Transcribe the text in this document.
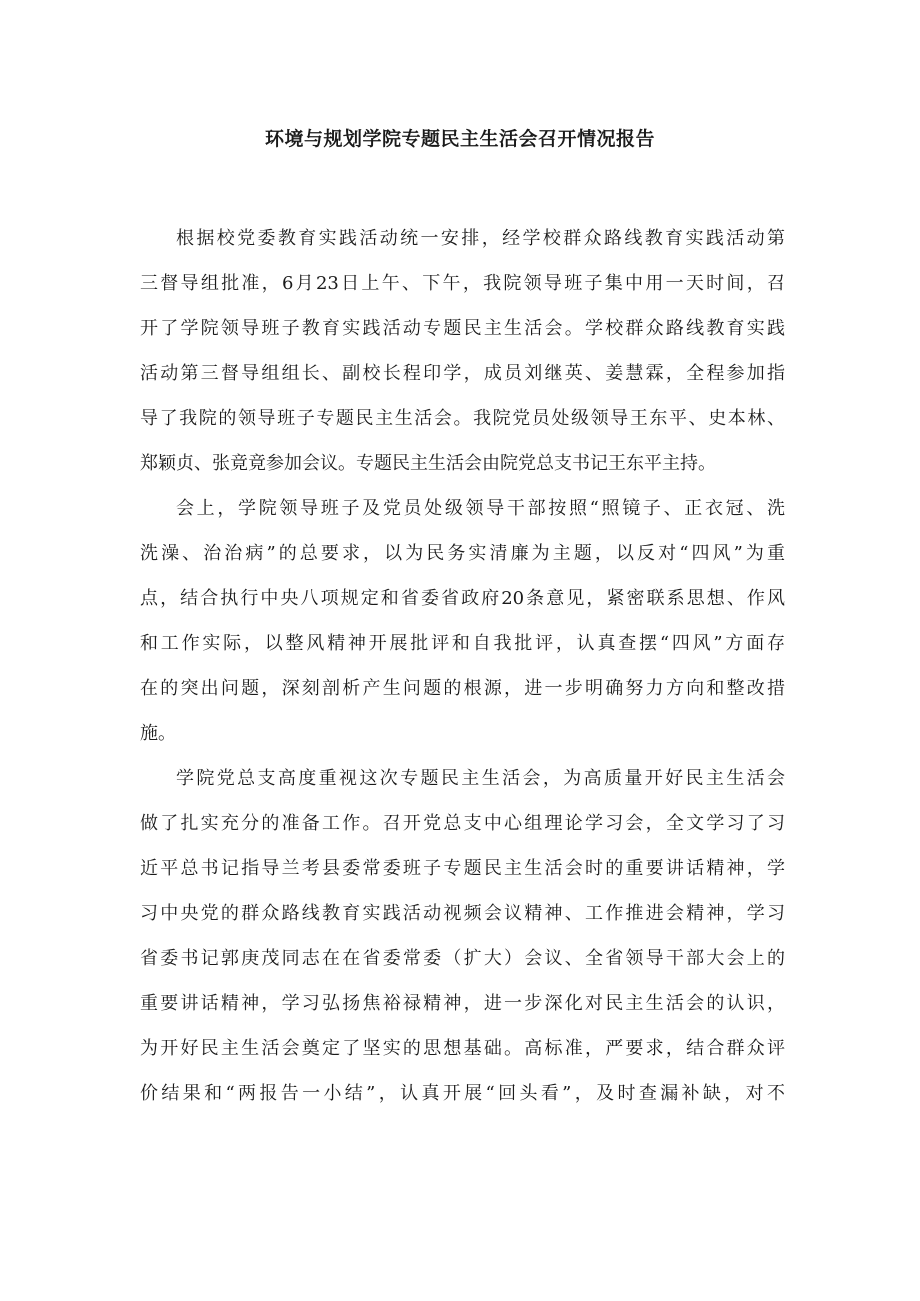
环境与规划学院专题民主生活会召开情况报告
根据校党委教育实践活动统一安排，经学校群众路线教育实践活动第
三督导组批准，6月23日上午、下午，我院领导班子集中用一天时间，召
开了学院领导班子教育实践活动专题民主生活会。学校群众路线教育实践
活动第三督导组组长、副校长程印学，成员刘继英、姜慧霖，全程参加指
导了我院的领导班子专题民主生活会。我院党员处级领导王东平、史本林、
郑颖贞、张竟竟参加会议。专题民主生活会由院党总支书记王东平主持。
会上，学院领导班子及党员处级领导干部按照“照镜子、正衣冠、洗
洗澡、治治病”的总要求，以为民务实清廉为主题，以反对“四风”为重
点，结合执行中央八项规定和省委省政府20条意见，紧密联系思想、作风
和工作实际，以整风精神开展批评和自我批评，认真查摆“四风”方面存
在的突出问题，深刻剖析产生问题的根源，进一步明确努力方向和整改措
施。
学院党总支高度重视这次专题民主生活会，为高质量开好民主生活会
做了扎实充分的准备工作。召开党总支中心组理论学习会，全文学习了习
近平总书记指导兰考县委常委班子专题民主生活会时的重要讲话精神，学
习中央党的群众路线教育实践活动视频会议精神、工作推进会精神，学习
省委书记郭庚茂同志在在省委常委（扩大）会议、全省领导干部大会上的
重要讲话精神，学习弘扬焦裕禄精神，进一步深化对民主生活会的认识，
为开好民主生活会奠定了坚实的思想基础。高标准，严要求，结合群众评
价结果和“两报告一小结”，认真开展“回头看”，及时查漏补缺，对不
